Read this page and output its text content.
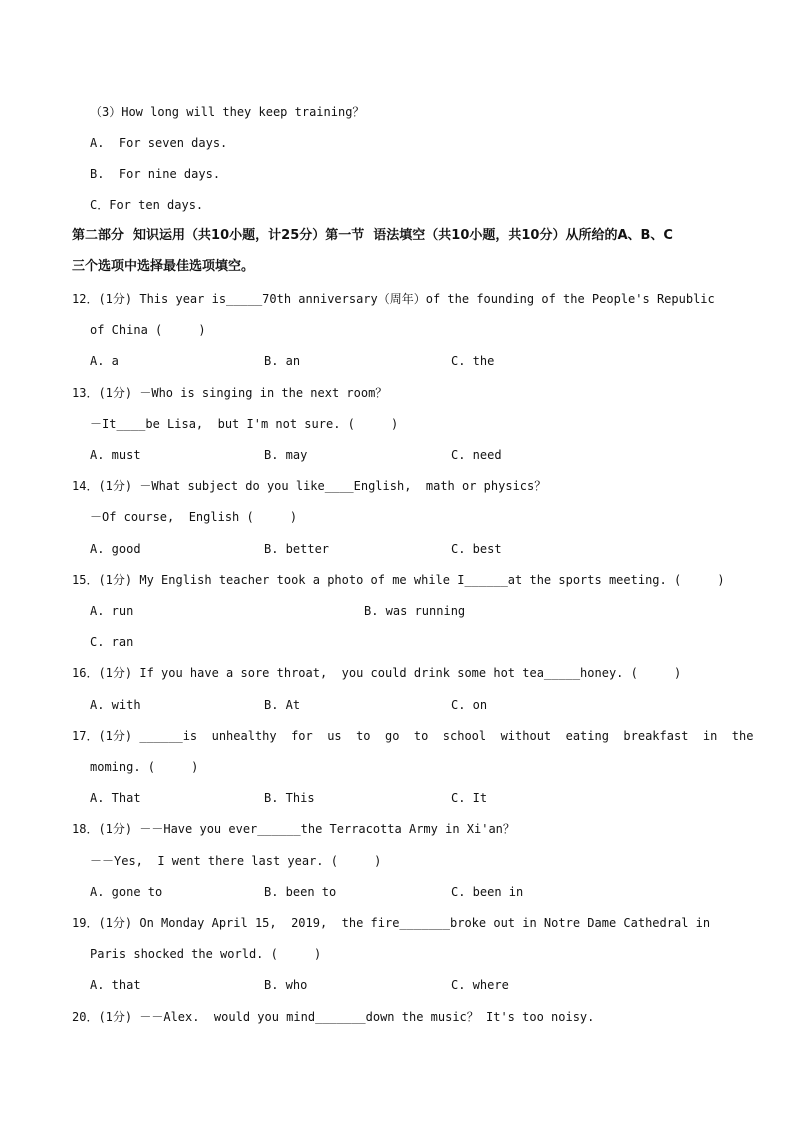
（3）How long will they keep training？
A.  For seven days.
B.  For nine days.
C．For ten days.
第二部分  知识运用（共10小题，计25分）第一节  语法填空（共10小题，共10分）从所给的A、B、C
三个选项中选择最佳选项填空。
12．(1分) This year is_____70th anniversary（周年）of the founding of the People's Republic
of China (     )
A. a	B. an	C. the
13．(1分) －Who is singing in the next room？
－It____be Lisa,  but I'm not sure. (     )
A. must	B. may	C. need
14．(1分) －What subject do you like____English,  math or physics？
－Of course,  English (     )
A. good	B. better	C. best
15．(1分) My English teacher took a photo of me while I______at the sports meeting. (     )
A. run	B. was running
C. ran
16．(1分) If you have a sore throat,  you could drink some hot tea_____honey. (     )
A. with	B. At	C. on
17．(1分) ______is  unhealthy  for  us  to  go  to  school  without  eating  breakfast  in  the
moming. (     )
A. That	B. This	C. It
18．(1分) －－Have you ever______the Terracotta Army in Xi'an？
－－Yes,  I went there last year. (     )
A. gone to	B. been to	C. been in
19．(1分) On Monday April 15,  2019,  the fire_______broke out in Notre Dame Cathedral in
Paris shocked the world. (     )
A. that	B. who	C. where
20．(1分) －－Alex.  would you mind_______down the music？ It's too noisy.
